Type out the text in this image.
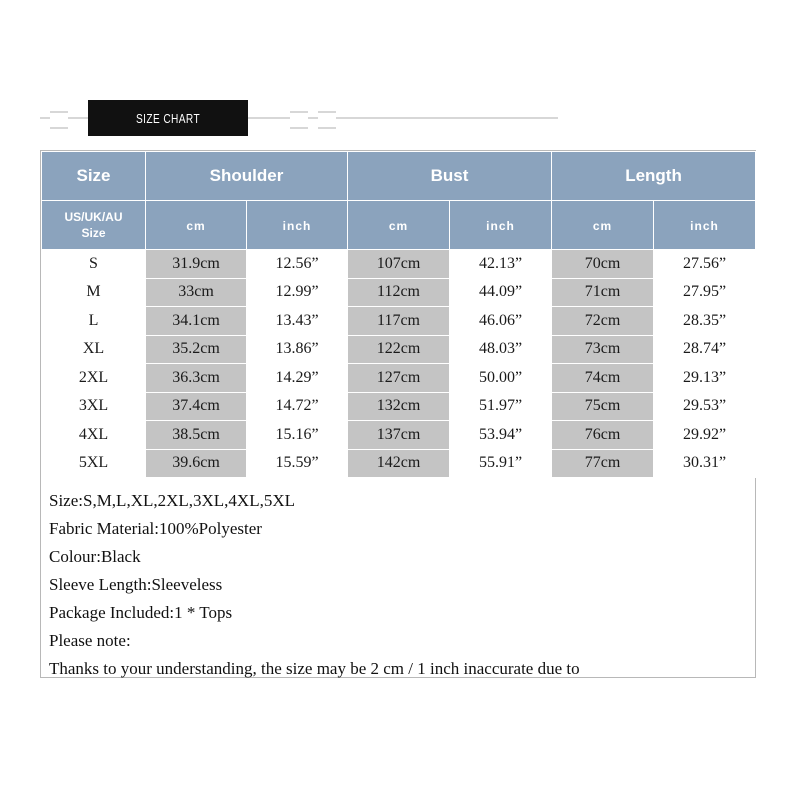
SIZE CHART
Size	Shoulder		Bust		Length	

US/UK/AU
Size	cm	inch	cm	inch	cm	inch
S	31.9cm	12.56”	107cm	42.13”	70cm	27.56”
M	33cm	12.99”	112cm	44.09”	71cm	27.95”
L	34.1cm	13.43”	117cm	46.06”	72cm	28.35”
XL	35.2cm	13.86”	122cm	48.03”	73cm	28.74”
2XL	36.3cm	14.29”	127cm	50.00”	74cm	29.13”
3XL	37.4cm	14.72”	132cm	51.97”	75cm	29.53”
4XL	38.5cm	15.16”	137cm	53.94”	76cm	29.92”
5XL	39.6cm	15.59”	142cm	55.91”	77cm	30.31”
Size:S,M,L,XL,2XL,3XL,4XL,5XL
Fabric Material:100%Polyester
Colour:Black
Sleeve Length:Sleeveless
Package Included:1 * Tops
Please note:
Thanks to your understanding, the size may be 2 cm / 1 inch inaccurate due to
